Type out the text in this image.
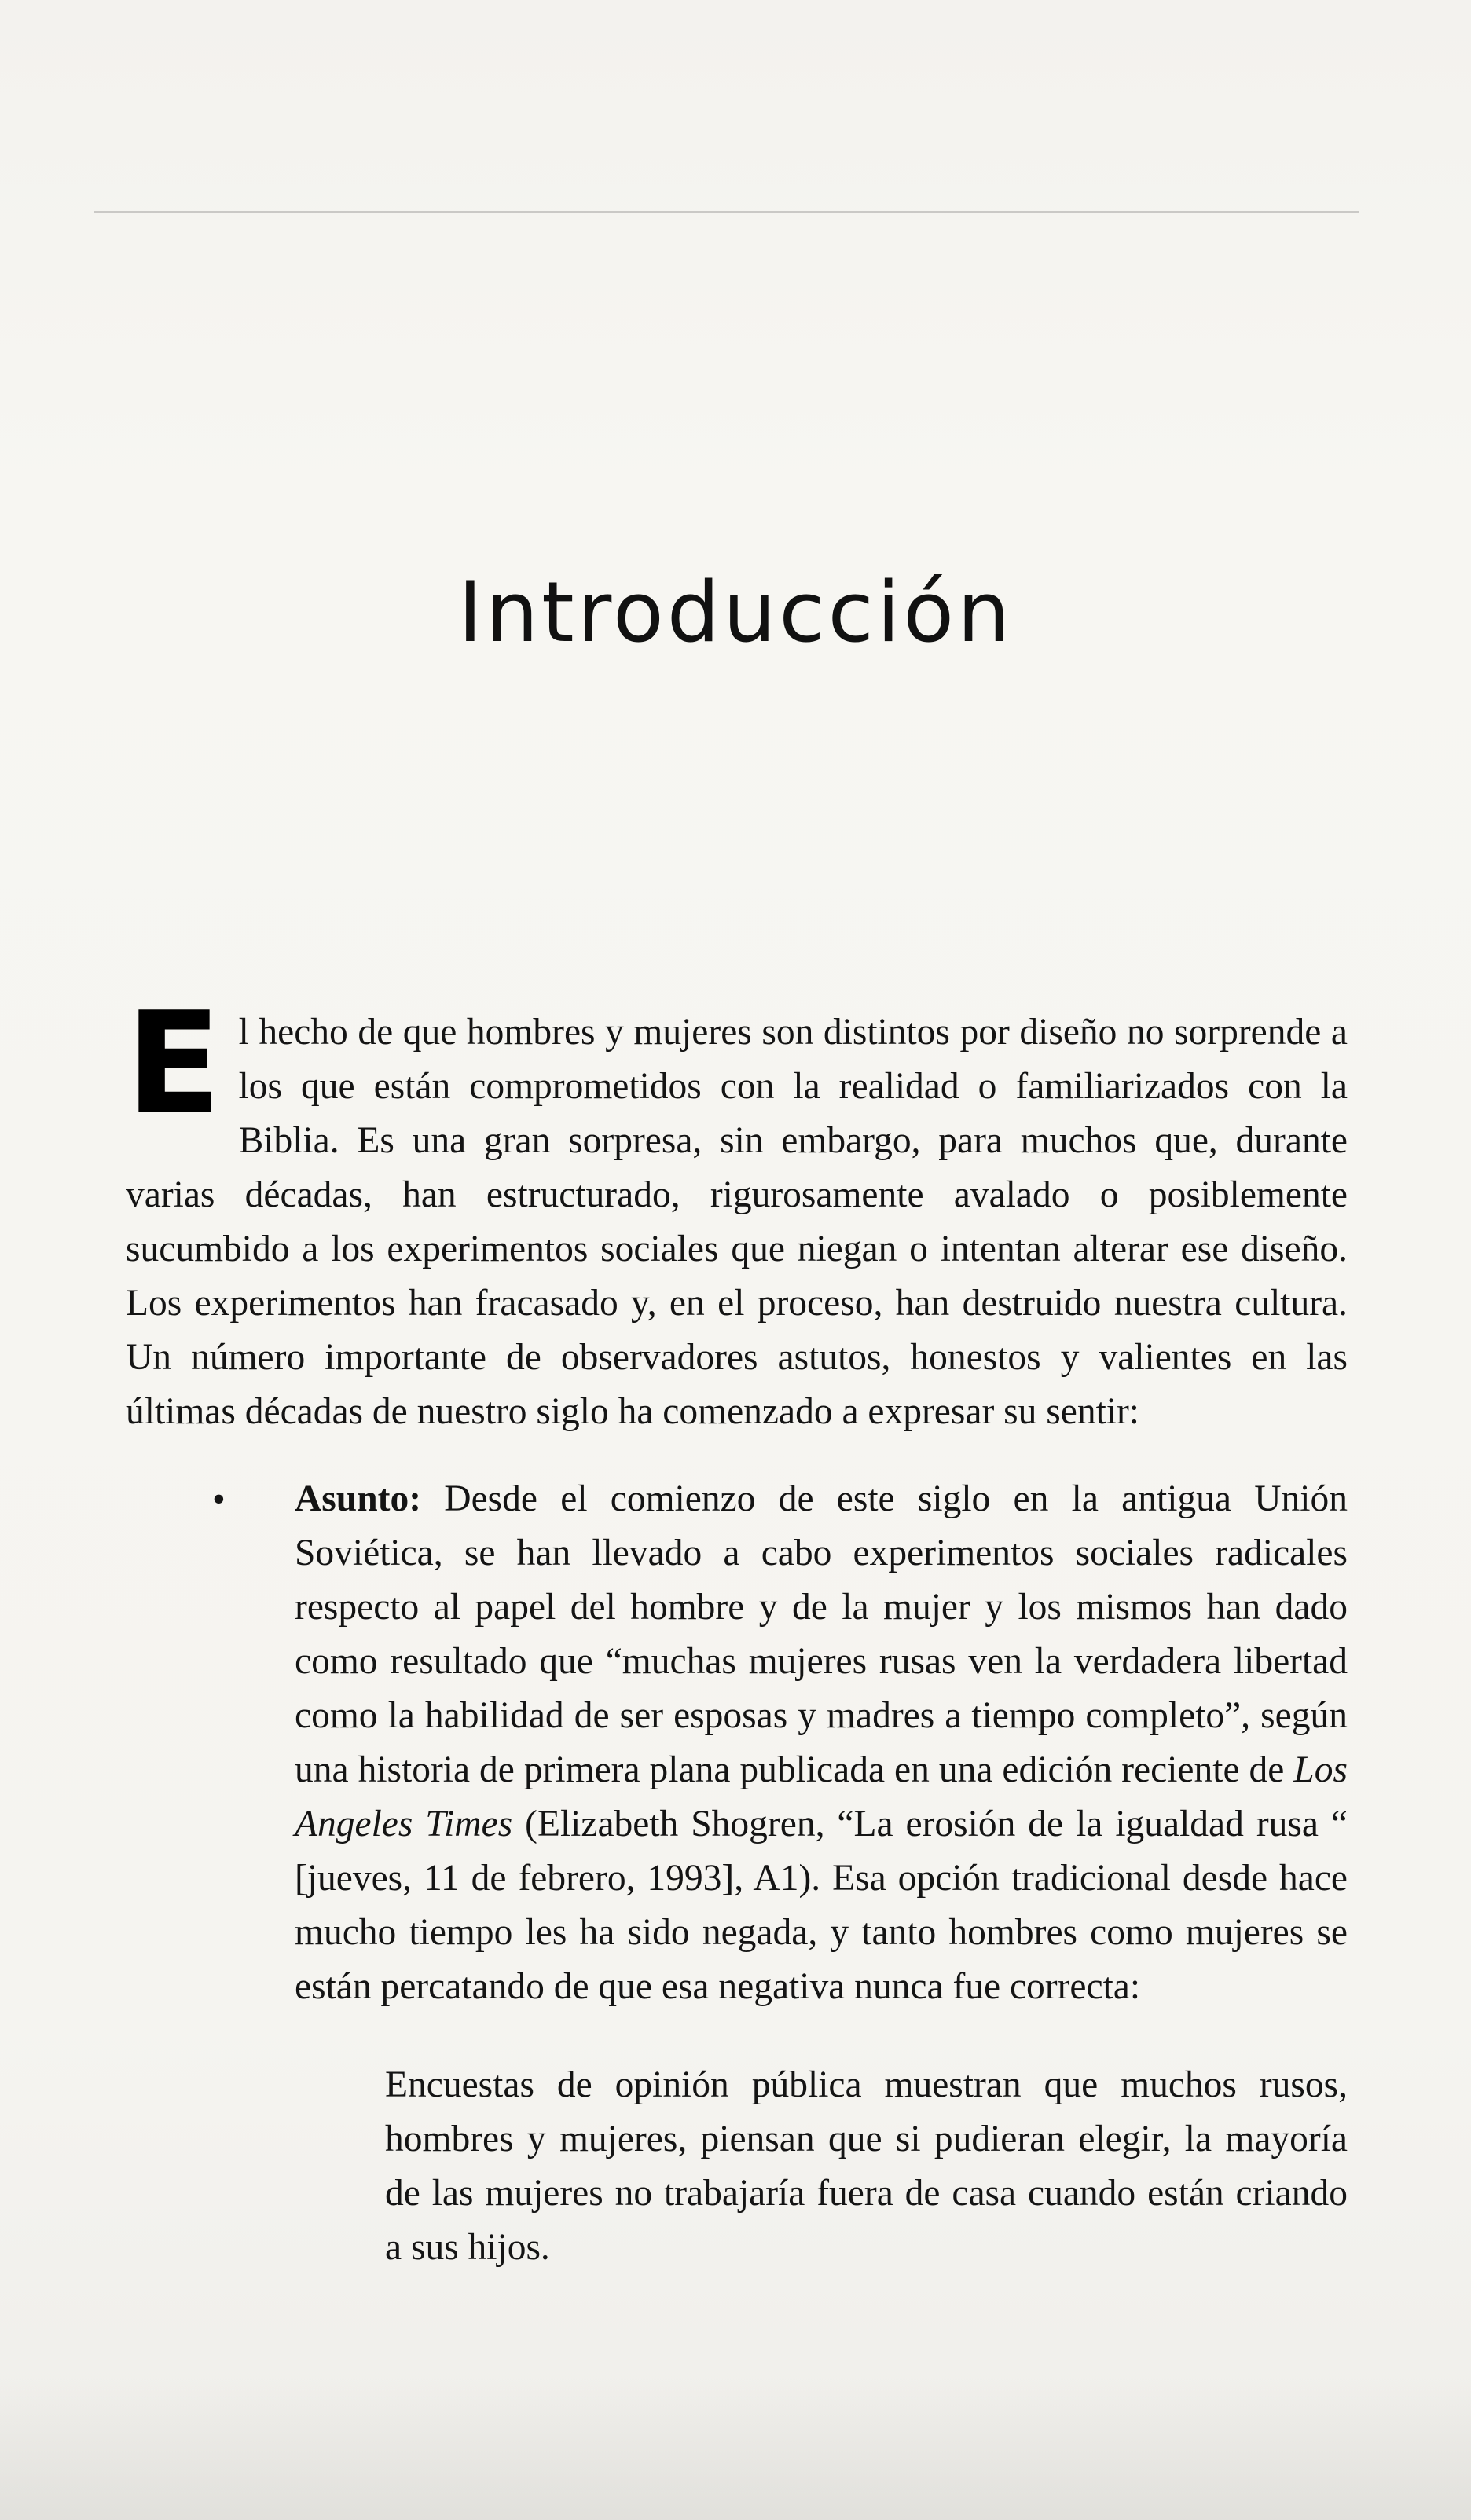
Introducción

El hecho de que hombres y mujeres son distintos por diseño no sorprende a los que están comprometidos con la realidad o familiarizados con la Biblia. Es una gran sorpresa, sin embargo, para muchos que, durante varias décadas, han estructurado, rigurosamente avalado o posiblemente sucumbido a los experimentos sociales que niegan o intentan alterar ese diseño. Los experimentos han fracasado y, en el proceso, han destruido nuestra cultura. Un número importante de observadores astutos, honestos y valientes en las últimas décadas de nuestro siglo ha comenzado a expresar su sentir:

• Asunto: Desde el comienzo de este siglo en la antigua Unión Soviética, se han llevado a cabo experimentos sociales radicales respecto al papel del hombre y de la mujer y los mismos han dado como resultado que “muchas mujeres rusas ven la verdadera libertad como la habilidad de ser esposas y madres a tiempo completo”, según una historia de primera plana publicada en una edición reciente de Los Angeles Times (Elizabeth Shogren, “La erosión de la igualdad rusa “ [jueves, 11 de febrero, 1993], A1). Esa opción tradicional desde hace mucho tiempo les ha sido negada, y tanto hombres como mujeres se están percatando de que esa negativa nunca fue correcta:

Encuestas de opinión pública muestran que muchos rusos, hombres y mujeres, piensan que si pudieran elegir, la mayoría de las mujeres no trabajaría fuera de casa cuando están criando a sus hijos.
